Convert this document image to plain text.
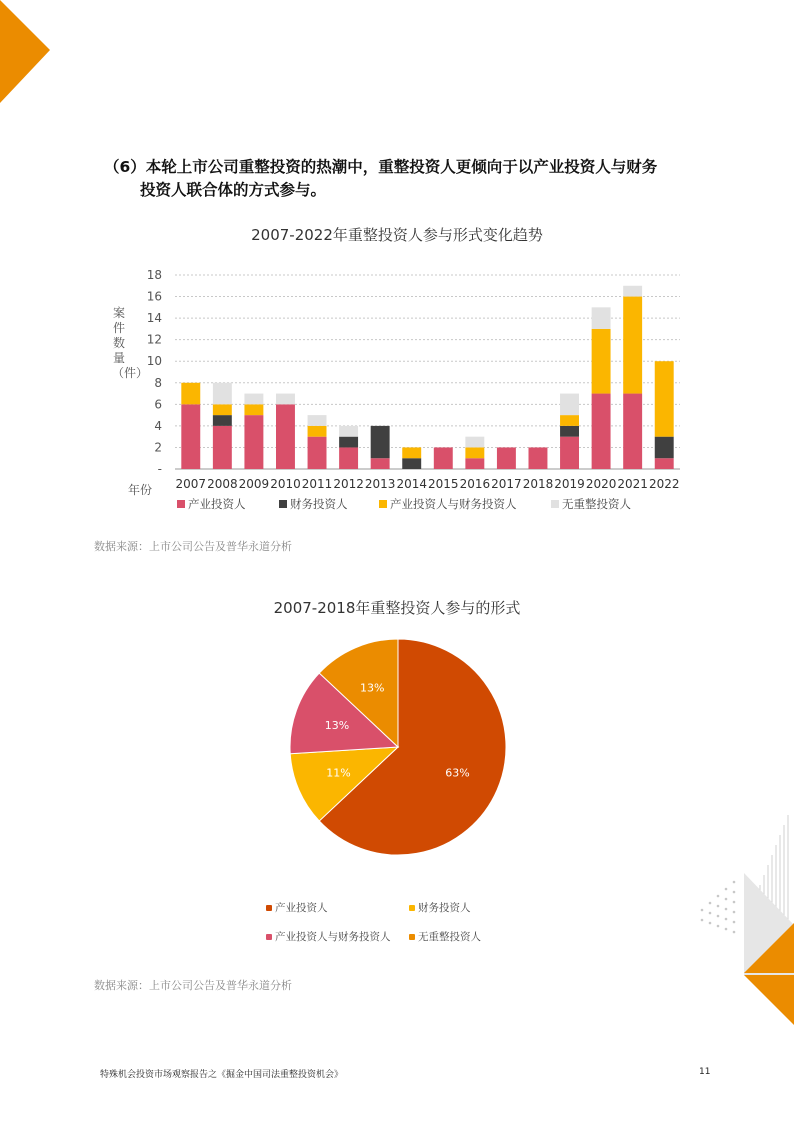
（6）本轮上市公司重整投资的热潮中，重整投资人更倾向于以产业投资人与财务
投资人联合体的方式参与。
2007-2022年重整投资人参与形式变化趋势
案件数量（件）
年份
-
2
4
6
8
10
12
14
16
18
2007 2008 2009 2010 2011 2012 2013 2014 2015 2016 2017 2018 2019 2020 2021 2022
产业投资人	财务投资人	产业投资人与财务投资人	无重整投资人
数据来源：上市公司公告及普华永道分析
2007-2018年重整投资人参与的形式
63%
11%
13%
13%
产业投资人	财务投资人
产业投资人与财务投资人	无重整投资人
数据来源：上市公司公告及普华永道分析
特殊机会投资市场观察报告之《掘金中国司法重整投资机会》	11
